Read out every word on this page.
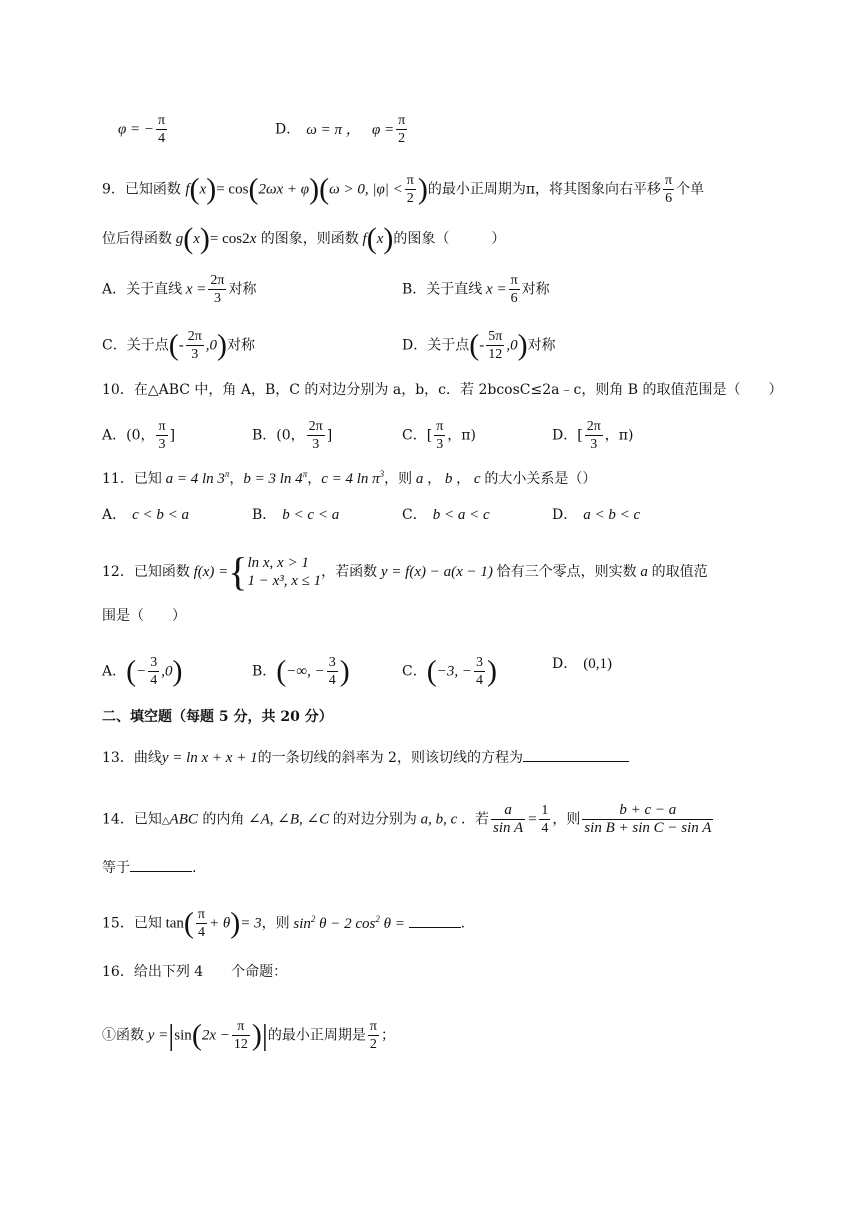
φ = − $\frac{\pi}{4}$	D． ω = π ，   $\varphi = \frac{\pi}{2}$
9．已知函数 f(x)= cos(2ωx + φ)(ω > 0, $|\varphi| < \frac{\pi}{2}$ )的最小正周期为π，将其图象向右平移 $\frac{\pi}{6}$ 个单
位后得函数 g(x)= cos2x 的图象，则函数 f(x)的图象（　　　）
A．关于直线 $x = \frac{2\pi}{3}$ 对称	B．关于直线 $x = \frac{\pi}{6}$ 对称
C．关于点(- $\frac{2\pi}{3} ,0$)对称	D．关于点(- $\frac{5\pi}{12} ,0$)对称
10．在△ABC 中，角 A，B，C 的对边分别为 a，b，c．若 2bcosC≤2a﹣c，则角 B 的取值范围是（　　）
A．(0， $\frac{\pi}{3}$ ]	B．(0， $\frac{2\pi}{3}$ ]	C．[ $\frac{\pi}{3}$ ，π)	D．[ $\frac{2\pi}{3}$ ，π)
11．已知 a = 4 $\ln 3^\pi$，b = 3 $\ln 4^\pi$，c = 4 $\ln \pi^3$，则 a ， b ， c 的大小关系是（）
A． c < b < a	B． b < c < a	C． b < a < c	D． a < b < c
12．已知函数 f(x) ={ ln x, x > 1
1 − x³, x ≤ 1
，若函数 y = f(x) − a(x − 1) 恰有三个零点，则实数 a 的取值范
围是（　　）
A．(− $\frac{3}{4} ,0$)	B．(−∞, − $\frac{3}{4}$ )	C．(−3, − $\frac{3}{4}$ )	D． (0,1)
二、填空题（每题 5 分，共 20 分）
13．曲线y = ln x + x + 1的一条切线的斜率为 2，则该切线的方程为
14．已知△ABC 的内角 ∠A, ∠B, ∠C 的对边分别为 a, b, c ．若 $\frac{a}{\text{sin A}} = \frac{1}{4}$ ，则 $\frac{b + c - a}{\text{sin B + sin C − sin A}}$
等于	.
15．已知 $\tan( \frac{\pi}{4} + \theta)= 3$，则 $\sin^2 \theta - 2$ $\cos^2 \theta$ =	.
16．给出下列 4　　个命题：
①函数 $y =|\sin(2x - \frac{\pi}{12}$ )|的最小正周期是 $\frac{\pi}{2}$ ；
